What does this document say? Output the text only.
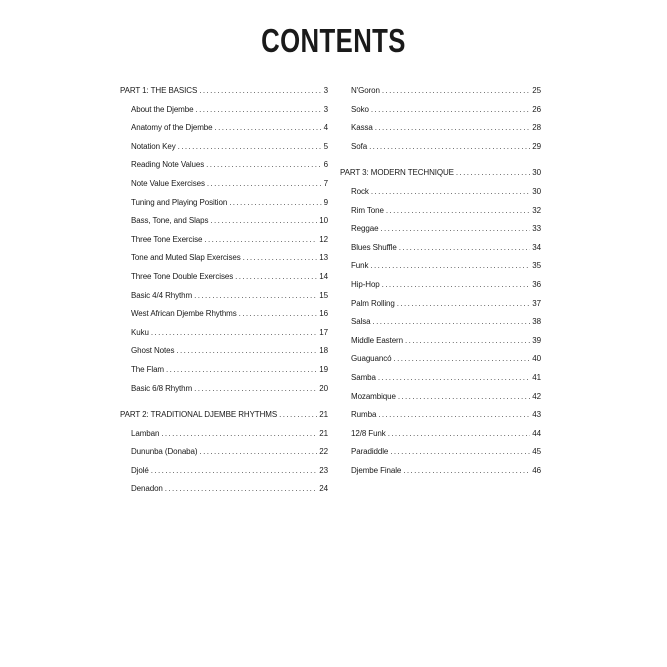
CONTENTS
PART 1: THE BASICS .....	3
About the Djembe .....	3
Anatomy of the Djembe .....	4
Notation Key .....	5
Reading Note Values .....	6
Note Value Exercises .....	7
Tuning and Playing Position .....	9
Bass, Tone, and Slaps .....	10
Three Tone Exercise .....	12
Tone and Muted Slap Exercises .....	13
Three Tone Double Exercises .....	14
Basic 4/4 Rhythm .....	15
West African Djembe Rhythms .....	16
Kuku .....	17
Ghost Notes .....	18
The Flam .....	19
Basic 6/8 Rhythm .....	20
PART 2: TRADITIONAL DJEMBE RHYTHMS .....	21
Lamban .....	21
Dununba (Donaba) .....	22
Djolé .....	23
Denadon .....	24
N'Goron .....	25
Soko .....	26
Kassa .....	28
Sofa .....	29
PART 3: MODERN TECHNIQUE .....	30
Rock .....	30
Rim Tone .....	32
Reggae .....	33
Blues Shuffle .....	34
Funk .....	35
Hip-Hop .....	36
Palm Rolling .....	37
Salsa .....	38
Middle Eastern .....	39
Guaguancó .....	40
Samba .....	41
Mozambique .....	42
Rumba .....	43
12/8 Funk .....	44
Paradiddle .....	45
Djembe Finale .....	46
